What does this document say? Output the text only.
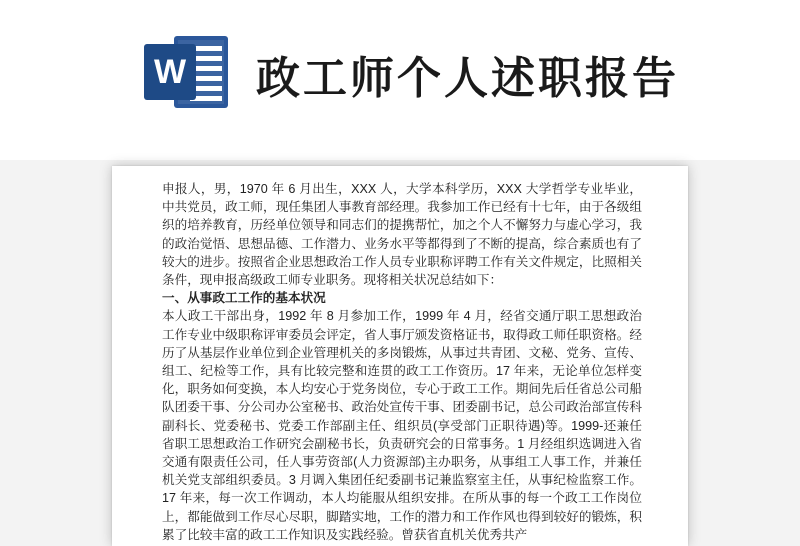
W 政工师个人述职报告

申报人，男，1970 年 6 月出生，XXX 人，大学本科学历，XXX 大学哲学专业毕业，中共党员，政工师，现任集团人事教育部经理。我参加工作已经有十七年，由于各级组织的培养教育，历经单位领导和同志们的提携帮忙，加之个人不懈努力与虚心学习，我的政治觉悟、思想品德、工作潜力、业务水平等都得到了不断的提高，综合素质也有了较大的进步。按照省企业思想政治工作人员专业职称评聘工作有关文件规定，比照相关条件，现申报高级政工师专业职务。现将相关状况总结如下：

一、从事政工工作的基本状况

本人政工干部出身，1992 年 8 月参加工作，1999 年 4 月，经省交通厅职工思想政治工作专业中级职称评审委员会评定，省人事厅颁发资格证书，取得政工师任职资格。经历了从基层作业单位到企业管理机关的多岗锻炼，从事过共青团、文秘、党务、宣传、组工、纪检等工作，具有比较完整和连贯的政工工作资历。17 年来，无论单位怎样变化，职务如何变换，本人均安心于党务岗位，专心于政工工作。期间先后任省总公司船队团委干事、分公司办公室秘书、政治处宣传干事、团委副书记，总公司政治部宣传科副科长、党委秘书、党委工作部副主任、组织员(享受部门正职待遇)等。1999-还兼任省职工思想政治工作研究会副秘书长，负责研究会的日常事务。1 月经组织选调进入省交通有限责任公司，任人事劳资部(人力资源部)主办职务，从事组工人事工作，并兼任机关党支部组织委员。3 月调入集团任纪委副书记兼监察室主任，从事纪检监察工作。17 年来，每一次工作调动，本人均能服从组织安排。在所从事的每一个政工工作岗位上，都能做到工作尽心尽职，脚踏实地，工作的潜力和工作作风也得到较好的锻炼，积累了比较丰富的政工工作知识及实践经验。曾获省直机关优秀共产
